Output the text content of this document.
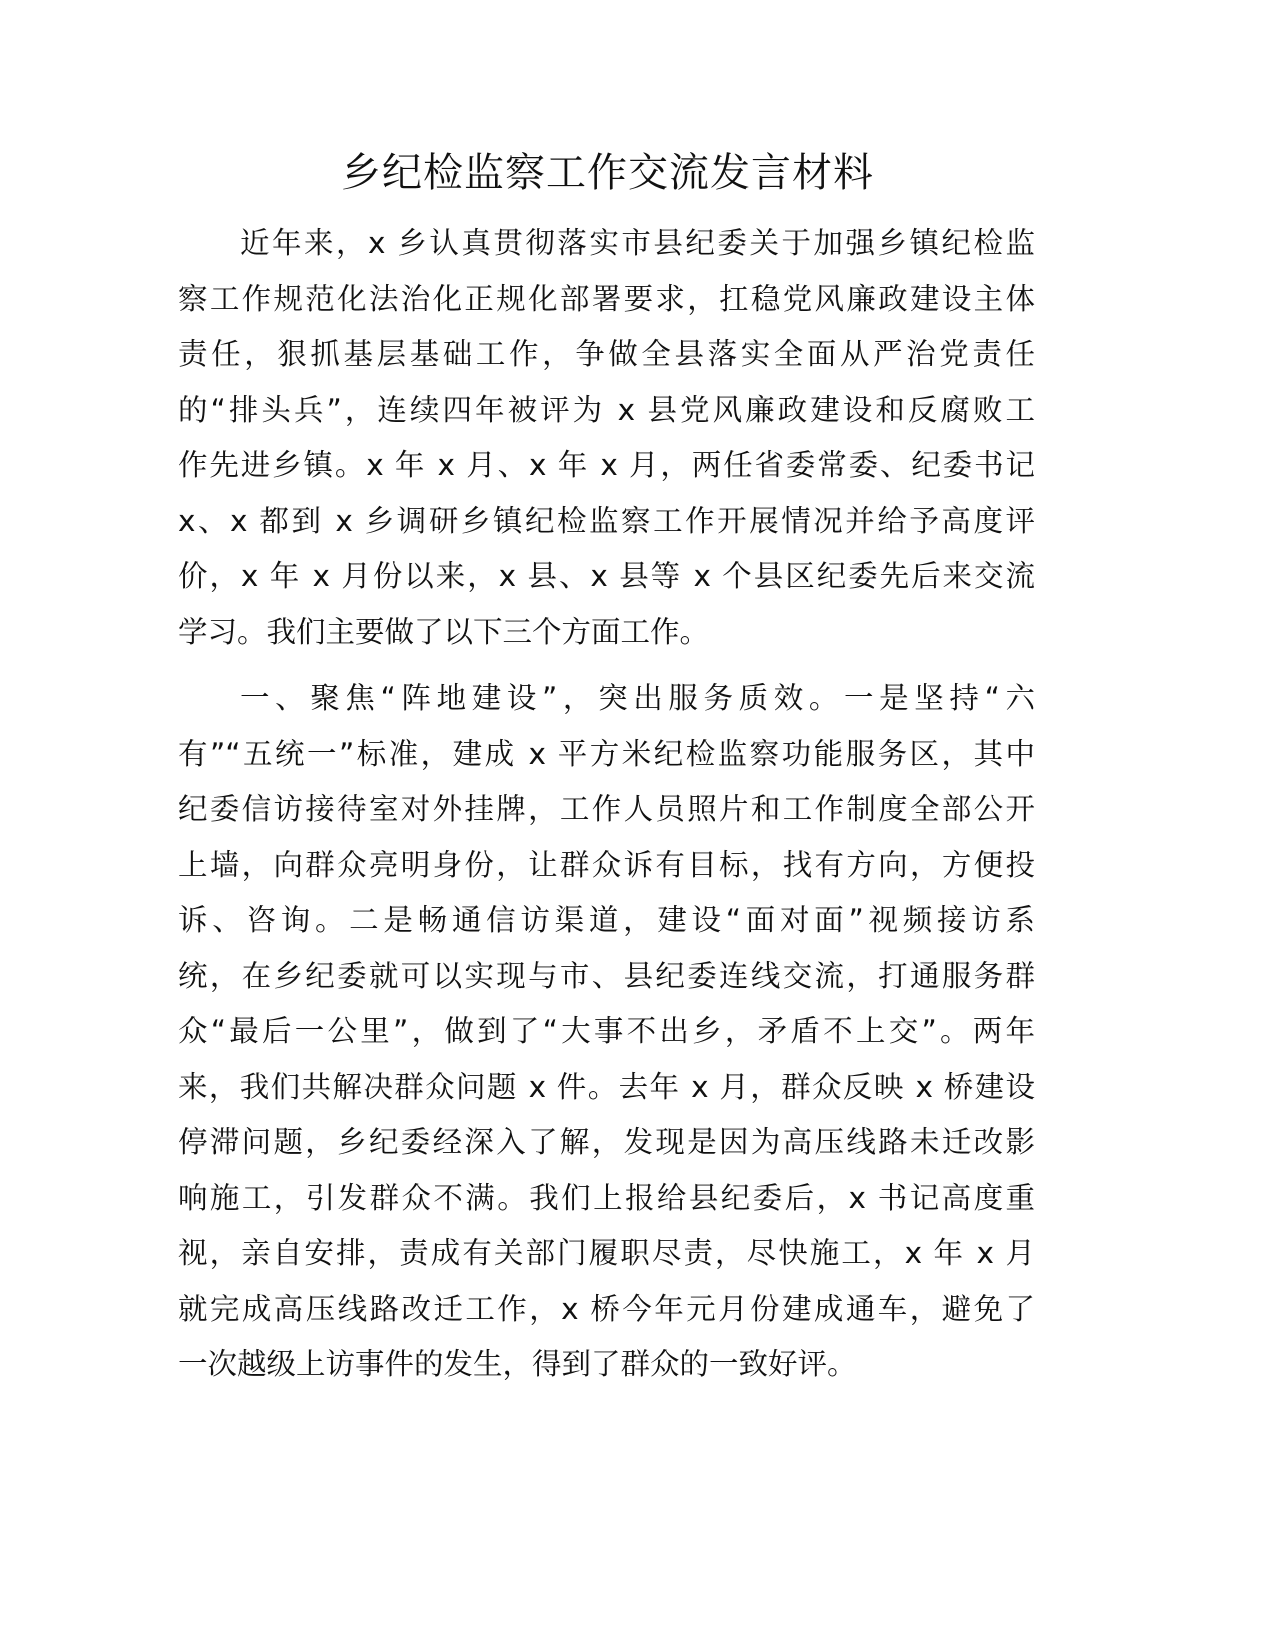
乡纪检监察工作交流发言材料
近年来，x 乡认真贯彻落实市县纪委关于加强乡镇纪检监
察工作规范化法治化正规化部署要求，扛稳党风廉政建设主体
责任，狠抓基层基础工作，争做全县落实全面从严治党责任
的“排头兵”，连续四年被评为 x 县党风廉政建设和反腐败工
作先进乡镇。x 年 x 月、x 年 x 月，两任省委常委、纪委书记
x、x 都到 x 乡调研乡镇纪检监察工作开展情况并给予高度评
价，x 年 x 月份以来，x 县、x 县等 x 个县区纪委先后来交流
学习。我们主要做了以下三个方面工作。
一、聚焦“阵地建设”，突出服务质效。一是坚持“六
有”“五统一”标准，建成 x 平方米纪检监察功能服务区，其中
纪委信访接待室对外挂牌，工作人员照片和工作制度全部公开
上墙，向群众亮明身份，让群众诉有目标，找有方向，方便投
诉、咨询。二是畅通信访渠道，建设“面对面”视频接访系
统，在乡纪委就可以实现与市、县纪委连线交流，打通服务群
众“最后一公里”，做到了“大事不出乡，矛盾不上交”。两年
来，我们共解决群众问题 x 件。去年 x 月，群众反映 x 桥建设
停滞问题，乡纪委经深入了解，发现是因为高压线路未迁改影
响施工，引发群众不满。我们上报给县纪委后，x 书记高度重
视，亲自安排，责成有关部门履职尽责，尽快施工，x 年 x 月
就完成高压线路改迁工作，x 桥今年元月份建成通车，避免了
一次越级上访事件的发生，得到了群众的一致好评。
